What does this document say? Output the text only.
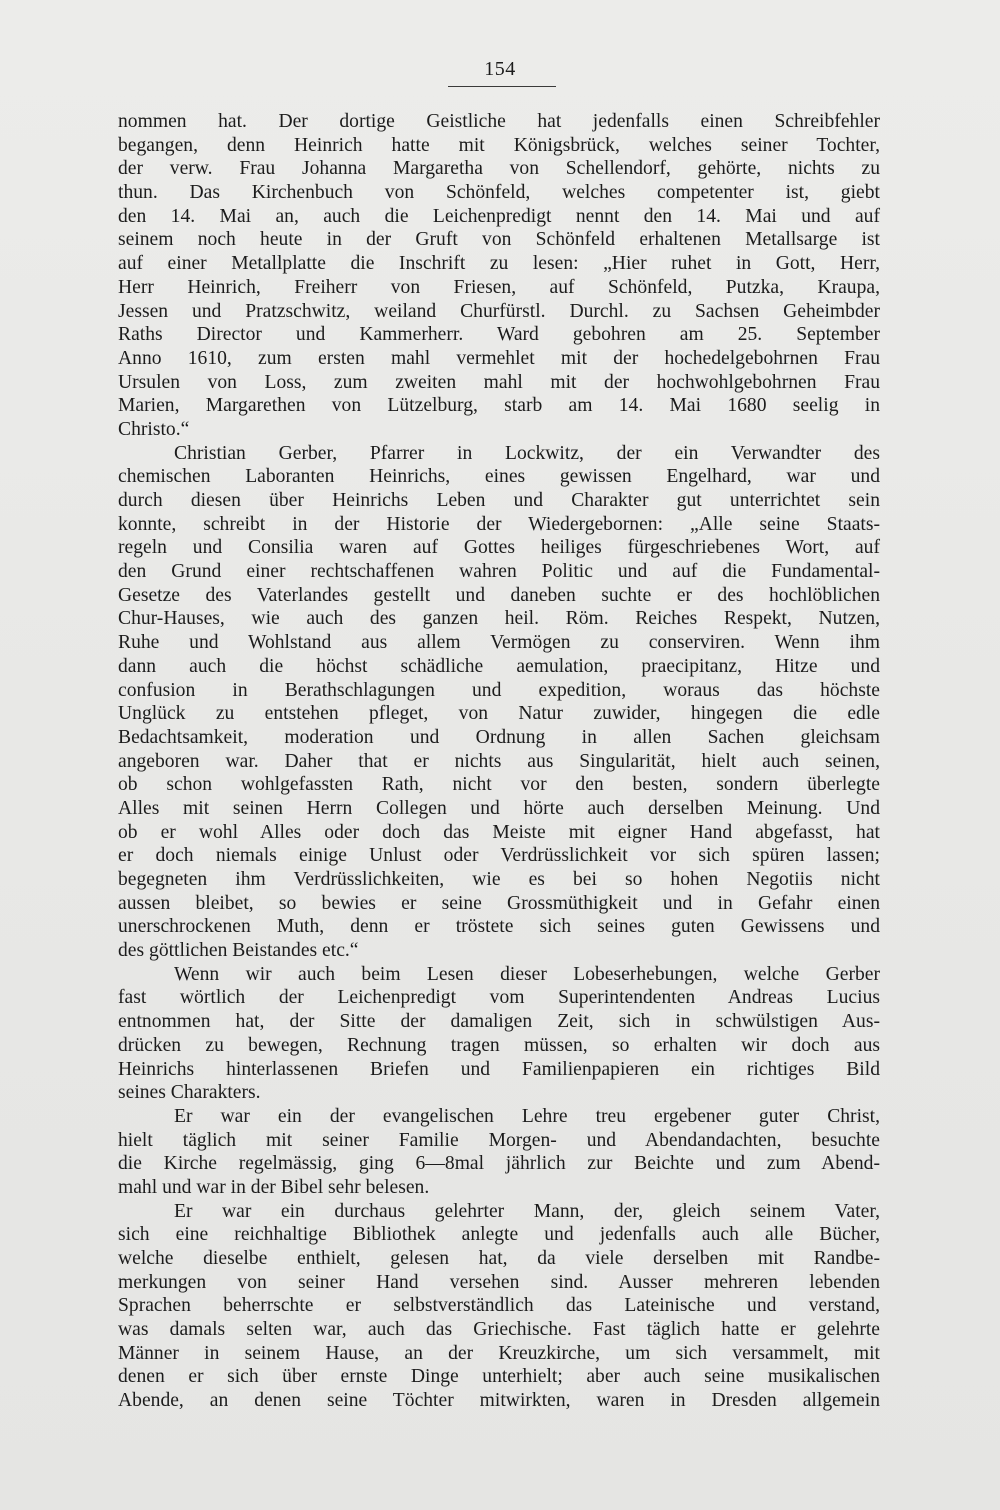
154
nommen hat. Der dortige Geistliche hat jedenfalls einen Schreibfehler
begangen, denn Heinrich hatte mit Königsbrück, welches seiner Tochter,
der verw. Frau Johanna Margaretha von Schellendorf, gehörte, nichts zu
thun. Das Kirchenbuch von Schönfeld, welches competenter ist, giebt
den 14. Mai an, auch die Leichenpredigt nennt den 14. Mai und auf
seinem noch heute in der Gruft von Schönfeld erhaltenen Metallsarge ist
auf einer Metallplatte die Inschrift zu lesen: „Hier ruhet in Gott, Herr,
Herr Heinrich, Freiherr von Friesen, auf Schönfeld, Putzka, Kraupa,
Jessen und Pratzschwitz, weiland Churfürstl. Durchl. zu Sachsen Geheimbder
Raths Director und Kammerherr. Ward gebohren am 25. September
Anno 1610, zum ersten mahl vermehlet mit der hochedelgebohrnen Frau
Ursulen von Loss, zum zweiten mahl mit der hochwohlgebohrnen Frau
Marien, Margarethen von Lützelburg, starb am 14. Mai 1680 seelig in
Christo.“
Christian Gerber, Pfarrer in Lockwitz, der ein Verwandter des
chemischen Laboranten Heinrichs, eines gewissen Engelhard, war und
durch diesen über Heinrichs Leben und Charakter gut unterrichtet sein
konnte, schreibt in der Historie der Wiedergebornen: „Alle seine Staats-
regeln und Consilia waren auf Gottes heiliges fürgeschriebenes Wort, auf
den Grund einer rechtschaffenen wahren Politic und auf die Fundamental-
Gesetze des Vaterlandes gestellt und daneben suchte er des hochlöblichen
Chur-Hauses, wie auch des ganzen heil. Röm. Reiches Respekt, Nutzen,
Ruhe und Wohlstand aus allem Vermögen zu conserviren. Wenn ihm
dann auch die höchst schädliche aemulation, praecipitanz, Hitze und
confusion in Berathschlagungen und expedition, woraus das höchste
Unglück zu entstehen pfleget, von Natur zuwider, hingegen die edle
Bedachtsamkeit, moderation und Ordnung in allen Sachen gleichsam
angeboren war. Daher that er nichts aus Singularität, hielt auch seinen,
ob schon wohlgefassten Rath, nicht vor den besten, sondern überlegte
Alles mit seinen Herrn Collegen und hörte auch derselben Meinung. Und
ob er wohl Alles oder doch das Meiste mit eigner Hand abgefasst, hat
er doch niemals einige Unlust oder Verdrüsslichkeit vor sich spüren lassen;
begegneten ihm Verdrüsslichkeiten, wie es bei so hohen Negotiis nicht
aussen bleibet, so bewies er seine Grossmüthigkeit und in Gefahr einen
unerschrockenen Muth, denn er tröstete sich seines guten Gewissens und
des göttlichen Beistandes etc.“
Wenn wir auch beim Lesen dieser Lobeserhebungen, welche Gerber
fast wörtlich der Leichenpredigt vom Superintendenten Andreas Lucius
entnommen hat, der Sitte der damaligen Zeit, sich in schwülstigen Aus-
drücken zu bewegen, Rechnung tragen müssen, so erhalten wir doch aus
Heinrichs hinterlassenen Briefen und Familienpapieren ein richtiges Bild
seines Charakters.
Er war ein der evangelischen Lehre treu ergebener guter Christ,
hielt täglich mit seiner Familie Morgen- und Abendandachten, besuchte
die Kirche regelmässig, ging 6—8mal jährlich zur Beichte und zum Abend-
mahl und war in der Bibel sehr belesen.
Er war ein durchaus gelehrter Mann, der, gleich seinem Vater,
sich eine reichhaltige Bibliothek anlegte und jedenfalls auch alle Bücher,
welche dieselbe enthielt, gelesen hat, da viele derselben mit Randbe-
merkungen von seiner Hand versehen sind. Ausser mehreren lebenden
Sprachen beherrschte er selbstverständlich das Lateinische und verstand,
was damals selten war, auch das Griechische. Fast täglich hatte er gelehrte
Männer in seinem Hause, an der Kreuzkirche, um sich versammelt, mit
denen er sich über ernste Dinge unterhielt; aber auch seine musikalischen
Abende, an denen seine Töchter mitwirkten, waren in Dresden allgemein
